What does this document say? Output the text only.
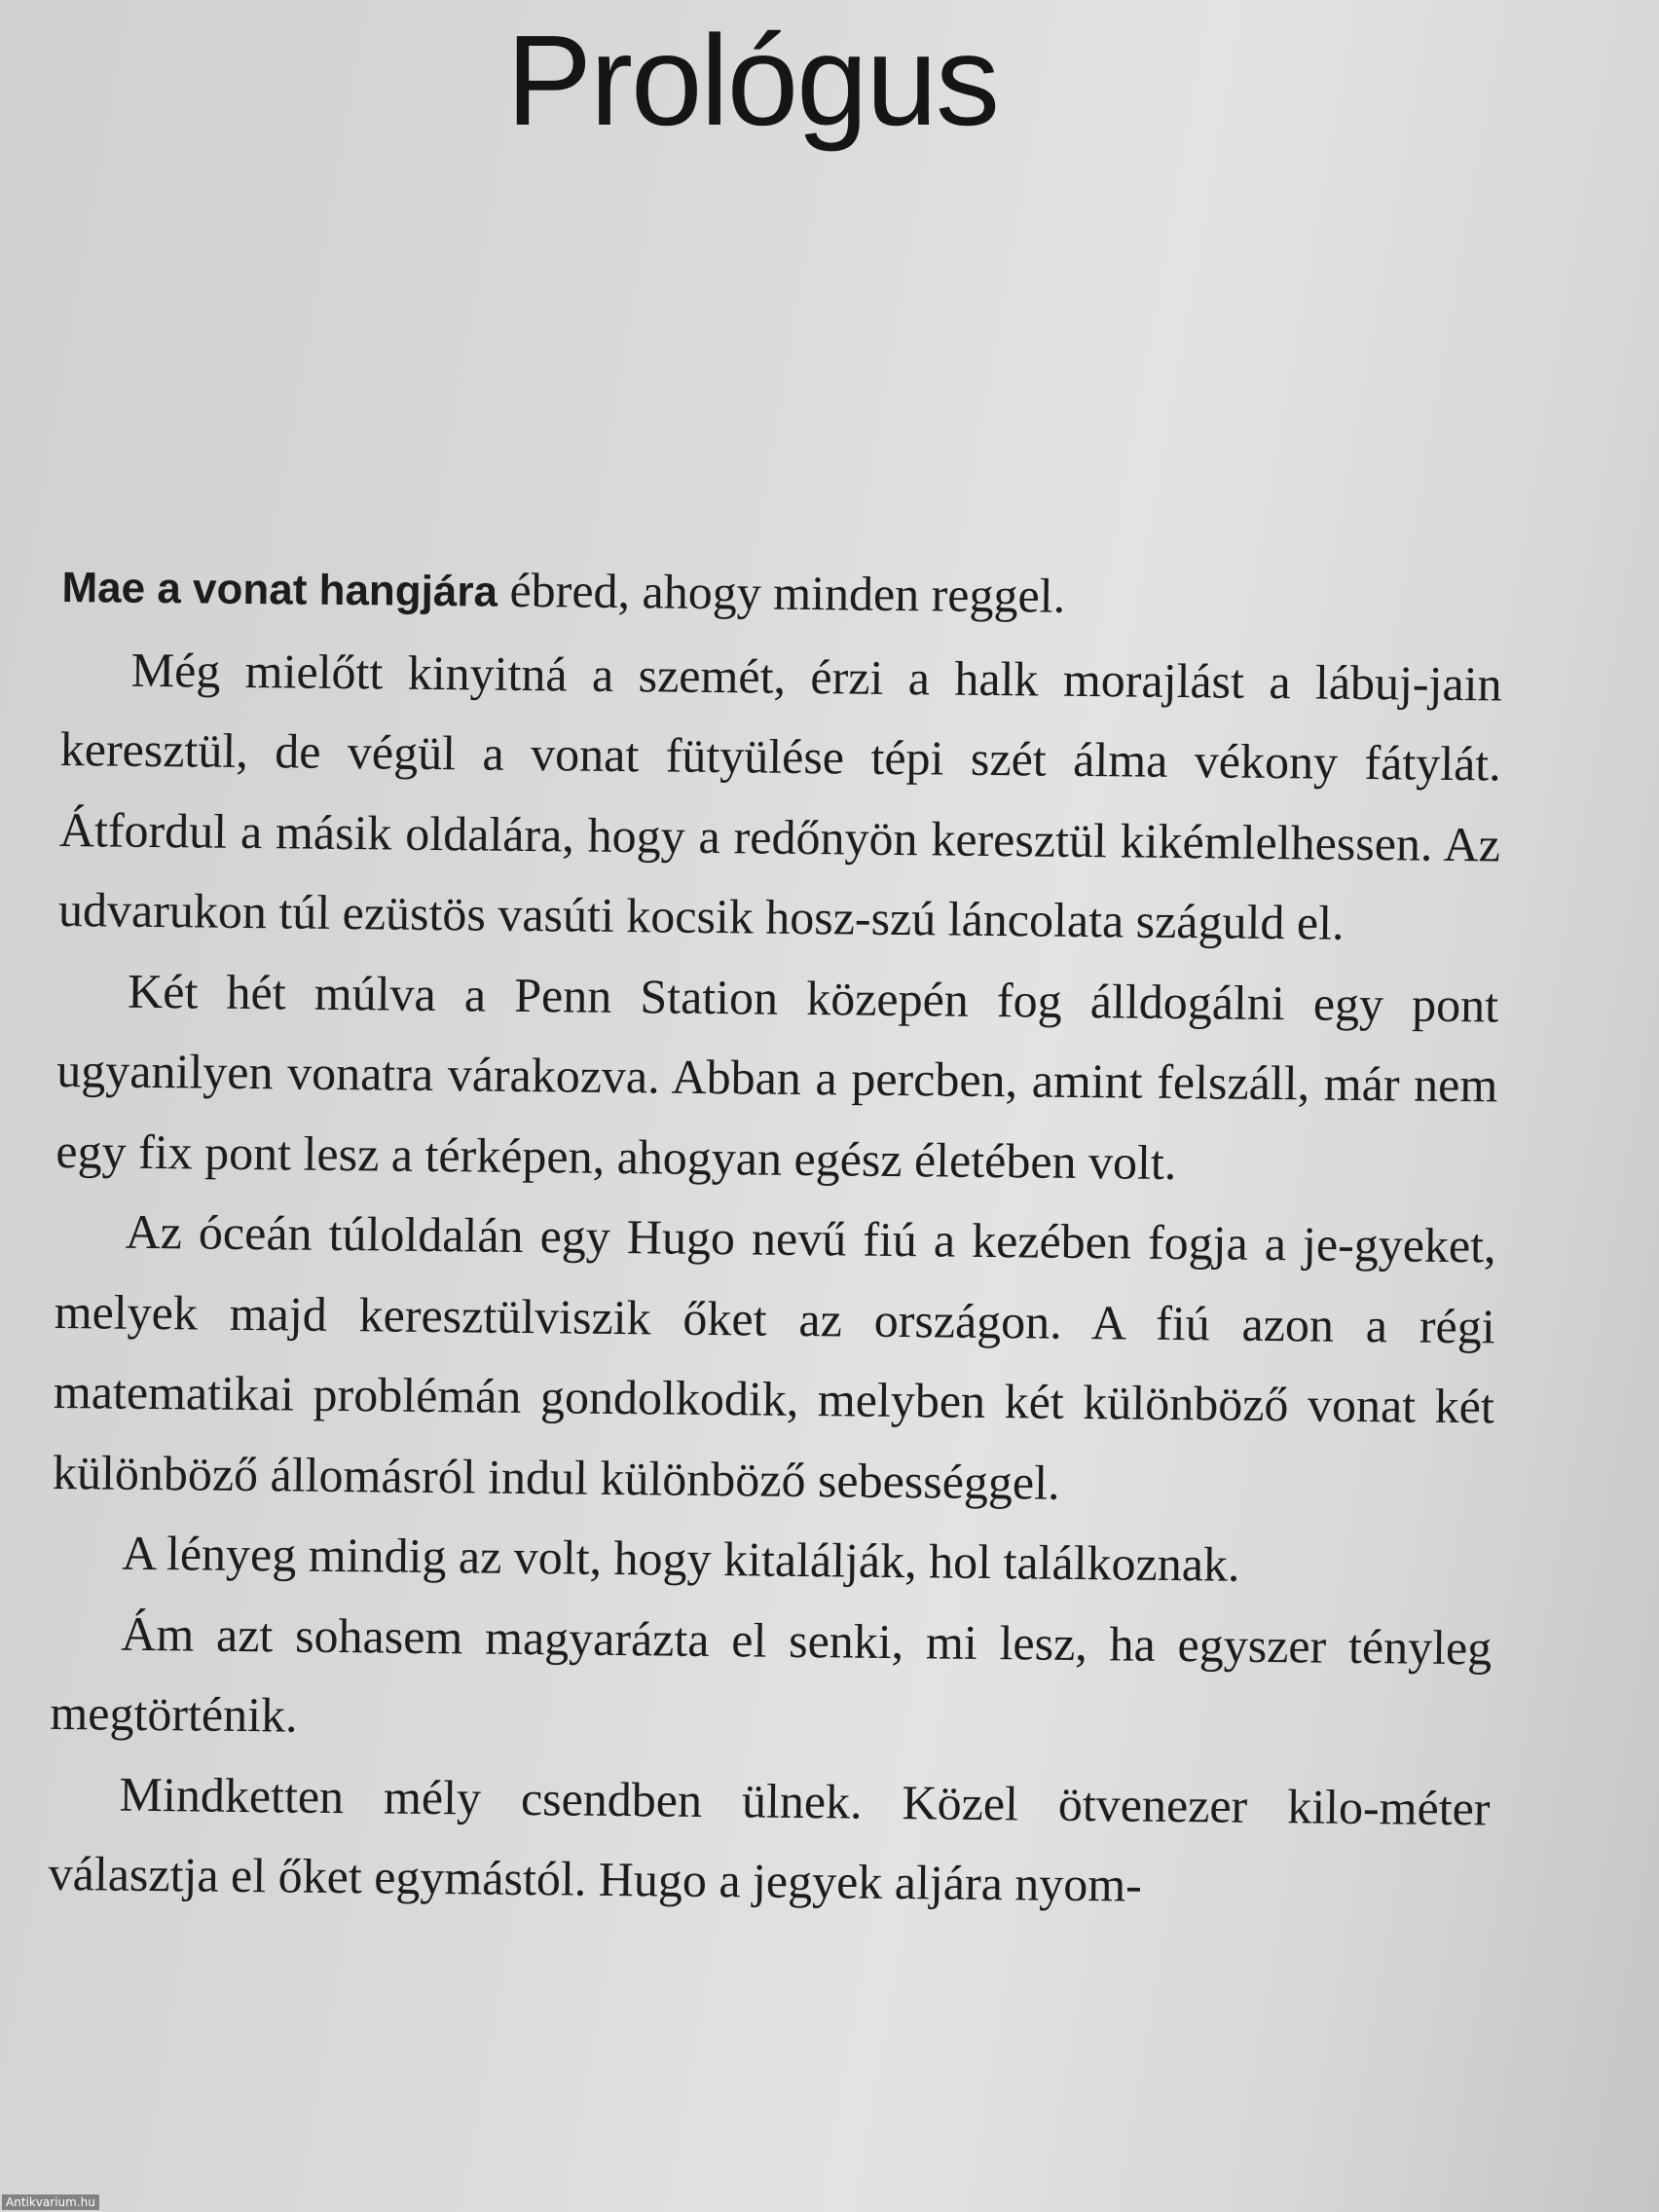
Prológus

Mae a vonat hangjára ébred, ahogy minden reggel.

Még mielőtt kinyitná a szemét, érzi a halk morajlást a lábuj-jain keresztül, de végül a vonat fütyülése tépi szét álma vékony fátylát. Átfordul a másik oldalára, hogy a redőnyön keresztül kikémlelhessen. Az udvarukon túl ezüstös vasúti kocsik hosz-szú láncolata száguld el.

Két hét múlva a Penn Station közepén fog álldogálni egy pont ugyanilyen vonatra várakozva. Abban a percben, amint felszáll, már nem egy fix pont lesz a térképen, ahogyan egész életében volt.

Az óceán túloldalán egy Hugo nevű fiú a kezében fogja a je-gyeket, melyek majd keresztülviszik őket az országon. A fiú azon a régi matematikai problémán gondolkodik, melyben két különböző vonat két különböző állomásról indul különböző sebességgel.

A lényeg mindig az volt, hogy kitalálják, hol találkoznak.

Ám azt sohasem magyarázta el senki, mi lesz, ha egyszer tényleg megtörténik.

Mindketten mély csendben ülnek. Közel ötvenezer kilo-méter választja el őket egymástól. Hugo a jegyek aljára nyom-

Antikvarium.hu
